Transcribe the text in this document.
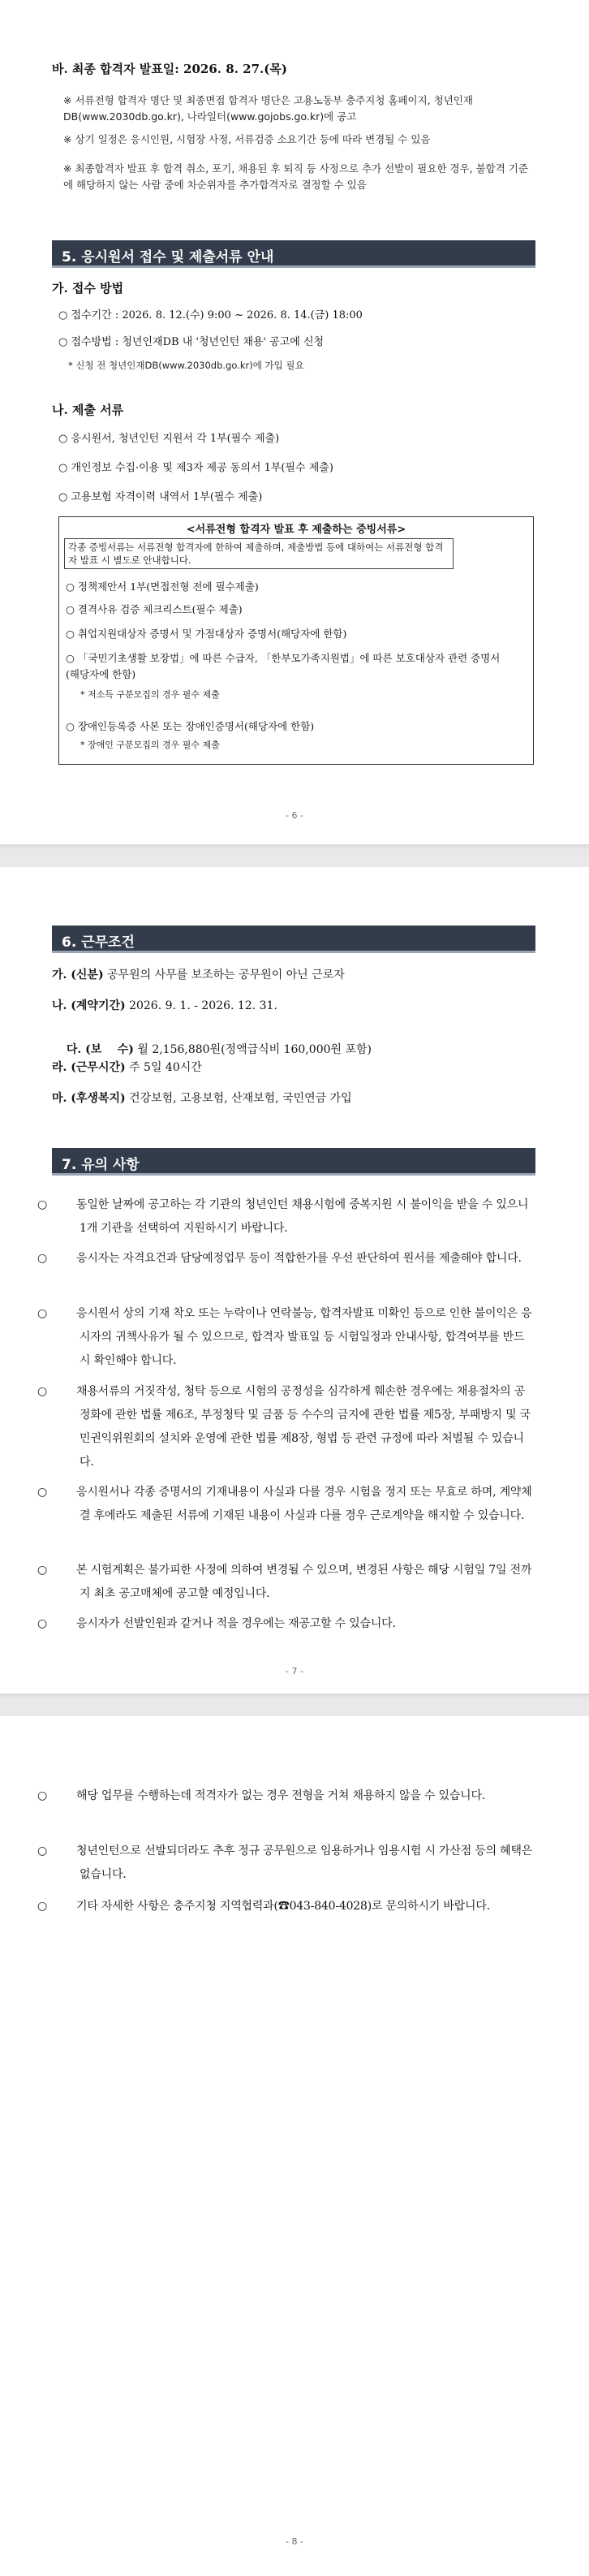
바. 최종 합격자 발표일: 2026. 8. 27.(목)
※ 서류전형 합격자 명단 및 최종면접 합격자 명단은 고용노동부 충주지청 홈페이지, 청년인재DB(www.2030db.go.kr), 나라일터(www.gojobs.go.kr)에 공고
※ 상기 일정은 응시인원, 시험장 사정, 서류검증 소요기간 등에 따라 변경될 수 있음
※ 최종합격자 발표 후 합격 취소, 포기, 채용된 후 퇴직 등 사정으로 추가 선발이 필요한 경우, 불합격 기준에 해당하지 않는 사람 중에 차순위자를 추가합격자로 결정할 수 있음
5. 응시원서 접수 및 제출서류 안내
가. 접수 방법
○ 접수기간 : 2026. 8. 12.(수) 9:00 ~ 2026. 8. 14.(금) 18:00
○ 접수방법 : 청년인재DB 내 '청년인턴 채용' 공고에 신청
* 신청 전 청년인재DB(www.2030db.go.kr)에 가입 필요
나. 제출 서류
○ 응시원서, 청년인턴 지원서 각 1부(필수 제출)
○ 개인정보 수집·이용 및 제3자 제공 동의서 1부(필수 제출)
○ 고용보험 자격이력 내역서 1부(필수 제출)
<서류전형 합격자 발표 후 제출하는 증빙서류>
각종 증빙서류는 서류전형 합격자에 한하여 제출하며, 제출방법 등에 대하여는 서류전형 합격자 발표 시 별도로 안내합니다.
○ 정책제안서 1부(면접전형 전에 필수제출)
○ 결격사유 검증 체크리스트(필수 제출)
○ 취업지원대상자 증명서 및 가점대상자 증명서(해당자에 한함)
○ 「국민기초생활 보장법」에 따른 수급자, 「한부모가족지원법」에 따른 보호대상자 관련 증명서(해당자에 한함)
* 저소득 구분모집의 경우 필수 제출
○ 장애인등록증 사본 또는 장애인증명서(해당자에 한함)
* 장애인 구분모집의 경우 필수 제출
- 6 -
6. 근무조건
가. (신분) 공무원의 사무를 보조하는 공무원이 아닌 근로자
나. (계약기간) 2026. 9. 1. - 2026. 12. 31.

다. (보    수) 월 2,156,880원(정액급식비 160,000원 포함)

라. (근무시간) 주 5일 40시간
마. (후생복지) 건강보험, 고용보험, 산재보험, 국민연금 가입
7. 유의 사항
○	동일한 날짜에 공고하는 각 기관의 청년인턴 채용시험에 중복지원 시 불이익을 받을 수 있으니 1개 기관을 선택하여 지원하시기 바랍니다.
○	응시자는 자격요건과 담당예정업무 등이 적합한가를 우선 판단하여 원서를 제출해야 합니다.
○	응시원서 상의 기재 착오 또는 누락이나 연락불능, 합격자발표 미확인 등으로 인한 불이익은 응시자의 귀책사유가 될 수 있으므로, 합격자 발표일 등 시험일정과 안내사항, 합격여부를 반드시 확인해야 합니다.
○	채용서류의 거짓작성, 청탁 등으로 시험의 공정성을 심각하게 훼손한 경우에는 채용절차의 공정화에 관한 법률 제6조, 부정청탁 및 금품 등 수수의 금지에 관한 법률 제5장, 부패방지 및 국민권익위원회의 설치와 운영에 관한 법률 제8장, 형법 등 관련 규정에 따라 처벌될 수 있습니다.
○	응시원서나 각종 증명서의 기재내용이 사실과 다를 경우 시험을 정지 또는 무효로 하며, 계약체결 후에라도 제출된 서류에 기재된 내용이 사실과 다를 경우 근로계약을 해지할 수 있습니다.
○	본 시험계획은 불가피한 사정에 의하여 변경될 수 있으며, 변경된 사항은 해당 시험일 7일 전까지 최초 공고매체에 공고할 예정입니다.
○	응시자가 선발인원과 같거나 적을 경우에는 재공고할 수 있습니다.
- 7 -
○	해당 업무를 수행하는데 적격자가 없는 경우 전형을 거쳐 채용하지 않을 수 있습니다.
○	청년인턴으로 선발되더라도 추후 정규 공무원으로 임용하거나 임용시험 시 가산점 등의 혜택은 없습니다.
○	기타 자세한 사항은 충주지청 지역협력과(☎043-840-4028)로 문의하시기 바랍니다.
- 8 -
